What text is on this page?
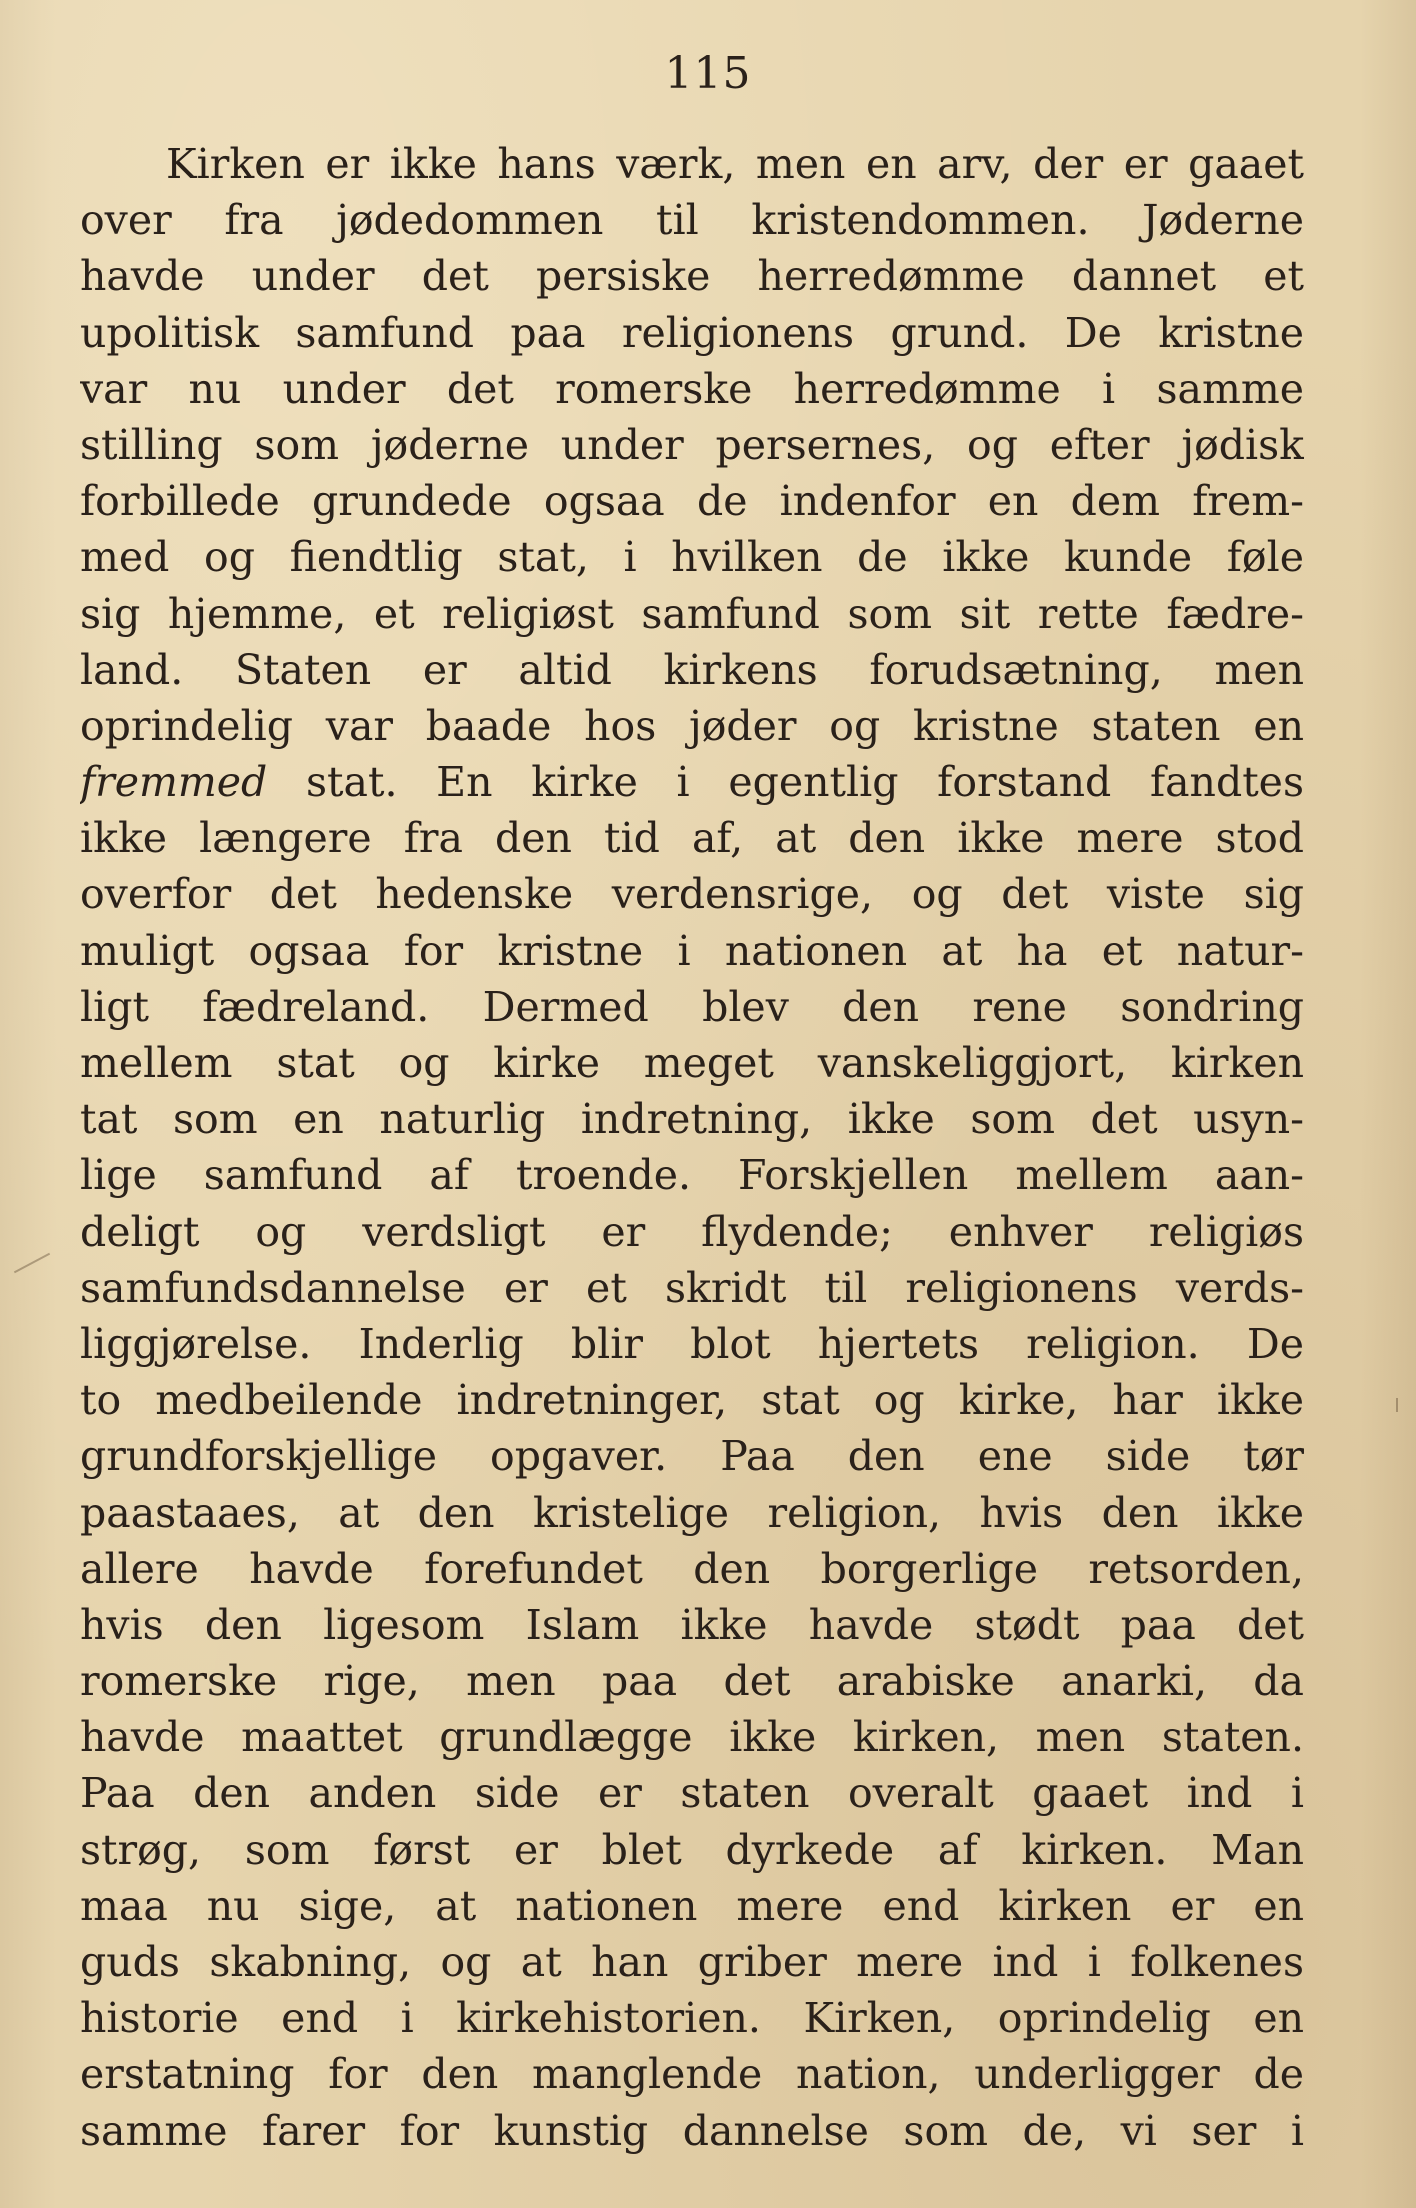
115
Kirken er ikke hans værk, men en arv, der er gaaet
over fra jødedommen til kristendommen. Jøderne
havde under det persiske herredømme dannet et
upolitisk samfund paa religionens grund. De kristne
var nu under det romerske herredømme i samme
stilling som jøderne under persernes, og efter jødisk
forbillede grundede ogsaa de indenfor en dem frem-
med og fiendtlig stat, i hvilken de ikke kunde føle
sig hjemme, et religiøst samfund som sit rette fædre-
land. Staten er altid kirkens forudsætning, men
oprindelig var baade hos jøder og kristne staten en
fremmed stat. En kirke i egentlig forstand fandtes
ikke længere fra den tid af, at den ikke mere stod
overfor det hedenske verdensrige, og det viste sig
muligt ogsaa for kristne i nationen at ha et natur-
ligt fædreland. Dermed blev den rene sondring
mellem stat og kirke meget vanskeliggjort, kirken
tat som en naturlig indretning, ikke som det usyn-
lige samfund af troende. Forskjellen mellem aan-
deligt og verdsligt er flydende; enhver religiøs
samfundsdannelse er et skridt til religionens verds-
liggjørelse. Inderlig blir blot hjertets religion. De
to medbeilende indretninger, stat og kirke, har ikke
grundforskjellige opgaver. Paa den ene side tør
paastaaes, at den kristelige religion, hvis den ikke
allere havde forefundet den borgerlige retsorden,
hvis den ligesom Islam ikke havde stødt paa det
romerske rige, men paa det arabiske anarki, da
havde maattet grundlægge ikke kirken, men staten.
Paa den anden side er staten overalt gaaet ind i
strøg, som først er blet dyrkede af kirken. Man
maa nu sige, at nationen mere end kirken er en
guds skabning, og at han griber mere ind i folkenes
historie end i kirkehistorien. Kirken, oprindelig en
erstatning for den manglende nation, underligger de
samme farer for kunstig dannelse som de, vi ser i
